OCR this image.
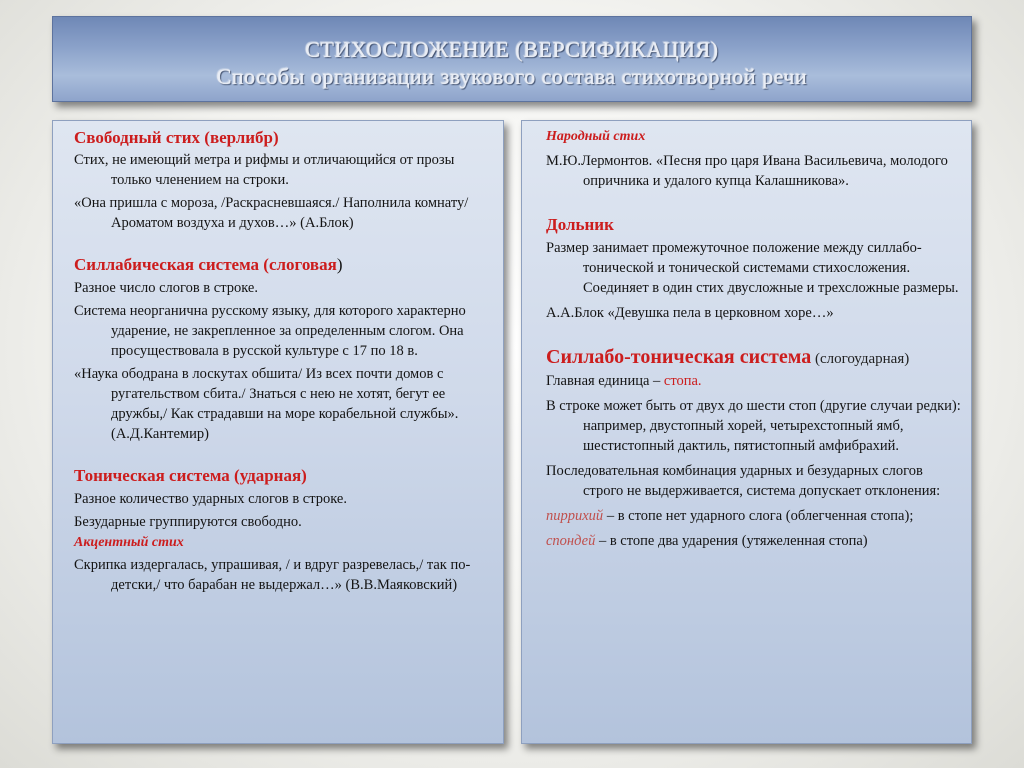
СТИХОСЛОЖЕНИЕ (ВЕРСИФИКАЦИЯ)
Способы организации звукового состава стихотворной речи
Свободный стих (верлибр)

Стих, не имеющий метра и рифмы и отличающийся от прозы только членением на строки.

«Она пришла с мороза, /Раскрасневшаяся./ Наполнила комнату/ Ароматом воздуха и духов…» (А.Блок)

Силлабическая система (слоговая)

Разное число слогов в строке.

Система неорганична русскому языку, для которого характерно ударение, не закрепленное за определенным слогом. Она просуществовала в русской культуре с 17 по 18 в.

«Наука ободрана в лоскутах обшита/ Из всех почти домов с ругательством сбита./ Знаться с нею не хотят, бегут ее дружбы,/ Как страдавши на море корабельной службы». (А.Д.Кантемир)

Тоническая система (ударная)

Разное количество ударных слогов в строке.

Безударные группируются свободно.

Акцентный стих

Скрипка издергалась, упрашивая, / и вдруг разревелась,/ так по-детски,/ что барабан не выдержал…» (В.В.Маяковский)

Народный стих

М.Ю.Лермонтов. «Песня про царя Ивана Васильевича, молодого опричника и удалого купца Калашникова».

Дольник

Размер занимает промежуточное положение между силлабо-тонической и тонической системами стихосложения. Соединяет в один стих двусложные и трехсложные размеры.

А.А.Блок «Девушка пела в церковном хоре…»

Силлабо-тоническая система (слогоударная)

Главная единица – стопа.

В строке может быть от двух до шести стоп (другие случаи редки): например, двустопный хорей, четырехстопный ямб, шестистопный дактиль, пятистопный амфибрахий.

Последовательная комбинация ударных и безударных слогов строго не выдерживается, система допускает отклонения:

пиррихий – в стопе нет ударного слога (облегченная стопа);

спондей – в стопе два ударения (утяжеленная стопа)
